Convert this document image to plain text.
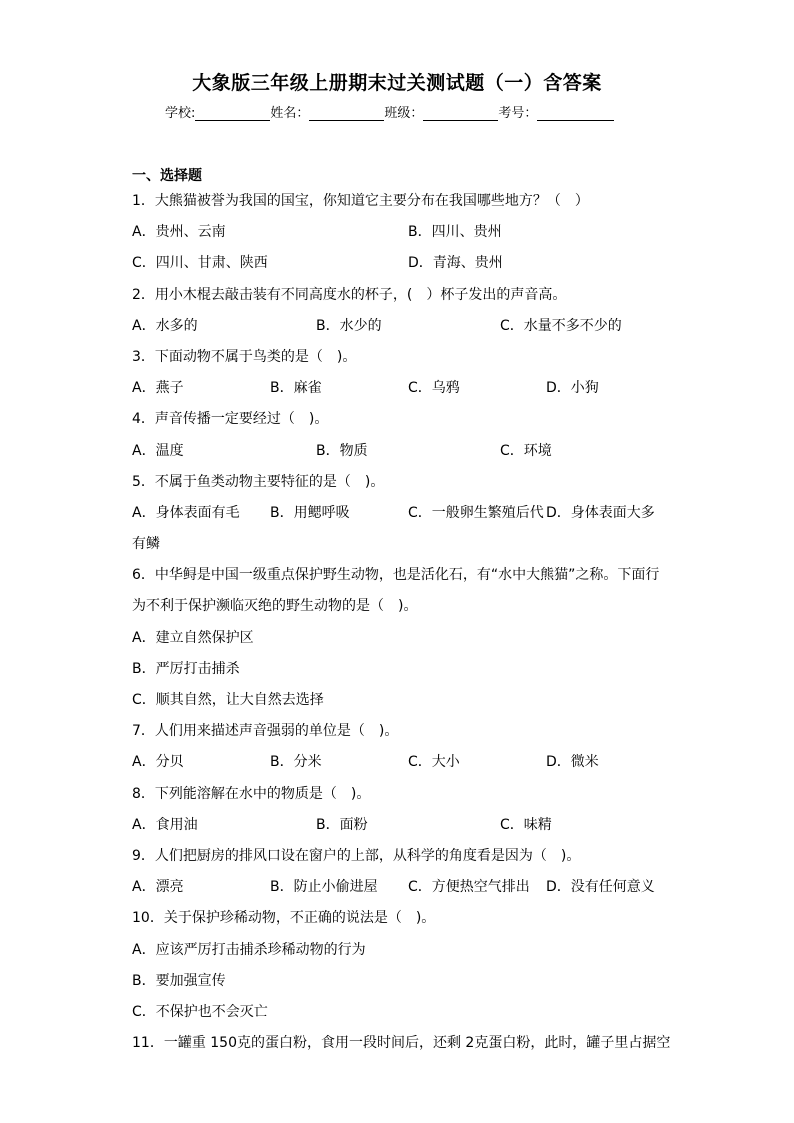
大象版三年级上册期末过关测试题（一）含答案
学校:	姓名：	班级：	考号：
一、选择题
1．大熊猫被誉为我国的国宝，你知道它主要分布在我国哪些地方？（　）
A．贵州、云南	B．四川、贵州
C．四川、甘肃、陕西	D．青海、贵州
2．用小木棍去敲击装有不同高度水的杯子，(　）杯子发出的声音高。
A．水多的	B．水少的	C．水量不多不少的
3．下面动物不属于鸟类的是（　)。
A．燕子	B．麻雀	C．乌鸦	D．小狗
4．声音传播一定要经过（　)。
A．温度	B．物质	C．环境
5．不属于鱼类动物主要特征的是（　)。
A．身体表面有毛 B．用鳃呼吸	C．一般卵生繁殖后代 D．身体表面大多
有鳞
6．中华鲟是中国一级重点保护野生动物，也是活化石，有“水中大熊猫”之称。下面行
为不利于保护濒临灭绝的野生动物的是（　)。
A．建立自然保护区
B．严厉打击捕杀
C．顺其自然，让大自然去选择
7．人们用来描述声音强弱的单位是（　)。
A．分贝	B．分米	C．大小	D．微米
8．下列能溶解在水中的物质是（　)。
A．食用油	B．面粉	C．味精
9．人们把厨房的排风口设在窗户的上部，从科学的角度看是因为（　)。
A．漂亮	B．防止小偷进屋 C．方便热空气排出 D．没有任何意义
10．关于保护珍稀动物，不正确的说法是（　)。
A．应该严厉打击捕杀珍稀动物的行为
B．要加强宣传
C．不保护也不会灭亡
11．一罐重 150克的蛋白粉，食用一段时间后，还剩 2克蛋白粉，此时，罐子里占据空
